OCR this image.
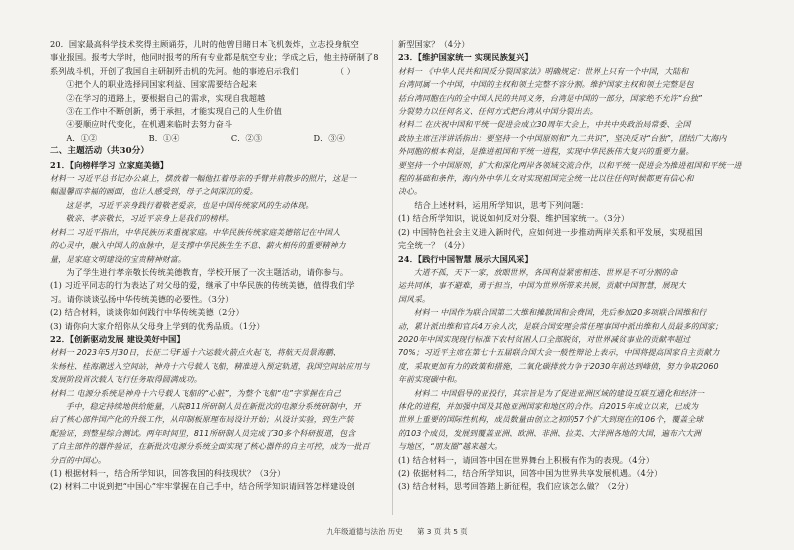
20．国家最高科学技术奖得主顾诵芬，儿时的他曾目睹日本飞机轰炸，立志投身航空

事业报国。报考大学时，他同时报考的所有专业都是航空专业；学成之后，他主持研制了8

系列战斗机，开创了我国自主研制歼击机的先河。他的事迹启示我们	（ ）

①把个人的职业选择同国家利益、国家需要结合起来

②在学习的道路上，要根据自己的需求，实现自我超越

③在工作中不断创新，勇于承担，才能实现自己的人生价值

④要顺应时代变化，在机遇来临时去努力奋斗

A．①②	B．①④	C．②③	D．③④

二、主题活动（共30分）

21．【向榜样学习 立家庭美德】

材料一 习近平总书记办公桌上，摆放着一幅他扛着母亲的手臂并肩散步的照片，这是一

幅温馨而幸福的画面，也让人感受到，母子之间深沉的爱。

这是孝，习近平亲身践行着敬老爱亲，也是中国传统家风的生动体现。

敬亲、孝亲敬长，习近平亲身上是我们的榜样。

材料二 习近平指出，中华民族历来重视家庭。中华民族传统家庭美德铭记在中国人

的心灵中，融入中国人的血脉中，是支撑中华民族生生不息、薪火相传的重要精神力

量，是家庭文明建设的宝贵精神财富。

为了学生进行孝亲敬长传统美德教育，学校开展了一次主题活动，请你参与。

(1) 习近平同志的行为表达了对父母的爱，继承了中华民族的传统美德，值得我们学

习。请你谈谈弘扬中华传统美德的必要性。（3分）

(2) 结合材料，谈谈你如何践行中华传统美德（2分）

(3) 请你向大家介绍你从父母身上学到的优秀品质。（1分）

22．【创新驱动发展 建设美好中国】

材料一 2023年5月30日，长征二号F遥十六运载火箭点火起飞，将航天员景海鹏、

朱杨柱、桂海潮送入空间站，神舟十六号载人飞船，精准进入预定轨道，我国空间站应用与

发展阶段首次载人飞行任务取得圆满成功。

材料二 电源分系统是神舟十六号载人飞船的“心脏”，为整个飞船“电”字掌握在自己

手中，稳定持续地供给能量，八院811所研制人员在新批次的电源分系统研制中，开

启了核心部件国产化的升级工作，从印制板原理布局设计开始；从设计实验，到生产装

配验证，到整星综合测试。两年时间里，811所研制人员完成了30多个科研报道，包含

了自主部件的器件验证，在新批次电源分系统全面实现了核心器件的自主可控，成为一批百

分百的中国心。

(1) 根据材料一，结合所学知识，回答我国的科技现状？（3分）

(2) 材料二中说到把“中国心”牢牢掌握在自己手中，结合所学知识请回答怎样建设创

新型国家？（4分）

23．【维护国家统一 实现民族复兴】

材料一 《中华人民共和国反分裂国家法》明确规定：世界上只有一个中国，大陆和

台湾同属一个中国，中国的主权和领土完整不容分割。维护国家主权和领土完整是包

括台湾同胞在内的全中国人民的共同义务，台湾是中国的一部分，国家绝不允许“台独”

分裂势力以任何名义、任何方式把台湾从中国分裂出去。

材料二 在庆祝中国和平统一促进会成立30周年大会上，中共中央政治局常委、全国

政协主席汪洋讲话指出：要坚持一个中国原则和“九二共识”，坚决反对“台独”，团结广大海内

外同胞的根本利益，是推进祖国和平统一进程，实现中华民族伟大复兴的重要力量。

要坚持一个中国原则，扩大和深化两岸各领域交流合作，以和平统一促进会为推进祖国和平统一进

程的基础和条件，海内外中华儿女对实现祖国完全统一比以往任何时候都更有信心和

决心。

结合上述材料，运用所学知识，思考下列问题：

(1) 结合所学知识，说说如何反对分裂、维护国家统一。（3分）

(2) 中国特色社会主义进入新时代，应如何进一步推动两岸关系和平发展，实现祖国

完全统一？（4分）

24．【践行中国智慧 展示大国风采】

大道不孤，天下一家，放眼世界，各国利益紧密相连、世界是不可分割的命

运共同体，事不避难，勇于担当，中国为世界所带来共展，贡献中国智慧，展现大

国风采。

材料一 中国作为联合国第二大维和摊款国和会费国，先后参加20多项联合国维和行

动，累计派出维和官兵4万余人次，是联合国安理会常任理事国中派出维和人员最多的国家；

2020年中国实现现行标准下农村贫困人口全部脱贫，对世界减贫事业的贡献率超过

70%；习近平主席在第七十五届联合国大会一般性辩论上表示，中国将提高国家自主贡献力

度，采取更加有力的政策和措施，二氧化碳排放力争于2030年前达到峰值，努力争取2060

年前实现碳中和。

材料二 中国倡导的亚投行，其宗旨是为了促进亚洲区域的建设互联互通化和经济一

体化的进程，并加强中国及其他亚洲国家和地区的合作。自2015年成立以来，已成为

世界上重要的国际性机构，成员数量由创立之初的57个扩大到现在的106个，覆盖全球

的103个成员，发展到覆盖亚洲、欧洲、非洲、拉美、大洋洲各地的大国，遍布六大洲

与地区，“朋友圈”越来越大。

(1) 结合材料一，请回答中国在世界舞台上积极有作为的表现。（4分）

(2) 依据材料二，结合所学知识，回答中国为世界共享发展机遇。（4分）

(3) 结合材料，思考回答踏上新征程，我们应该怎么做？（2分）

九年级道德与法治 历史 第 3 页 共 5 页
